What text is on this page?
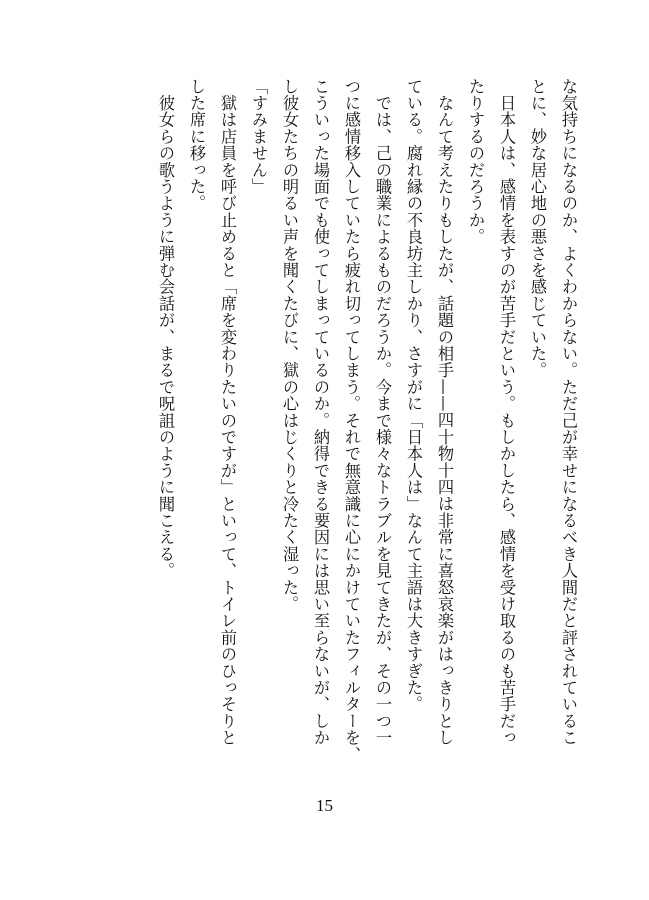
な気持ちになるのか、よくわからない。ただ己が幸せになるべき人間だと評されているこ
とに、妙な居心地の悪さを感じていた。
　日本人は、感情を表すのが苦手だという。もしかしたら、感情を受け取るのも苦手だっ
たりするのだろうか。
　なんて考えたりもしたが、話題の相手——四十物十四は非常に喜怒哀楽がはっきりとし
ている。腐れ縁の不良坊主しかり、さすがに「日本人は」なんて主語は大きすぎた。
　では、己の職業によるものだろうか。今まで様々なトラブルを見てきたが、その一つ一
つに感情移入していたら疲れ切ってしまう。それで無意識に心にかけていたフィルターを、
こういった場面でも使ってしまっているのか。納得できる要因には思い至らないが、しか
し彼女たちの明るい声を聞くたびに、獄の心はじくりと冷たく湿った。
「すみません」
　獄は店員を呼び止めると「席を変わりたいのですが」といって、トイレ前のひっそりと
した席に移った。
　彼女らの歌うように弾む会話が、まるで呪詛のように聞こえる。
15
